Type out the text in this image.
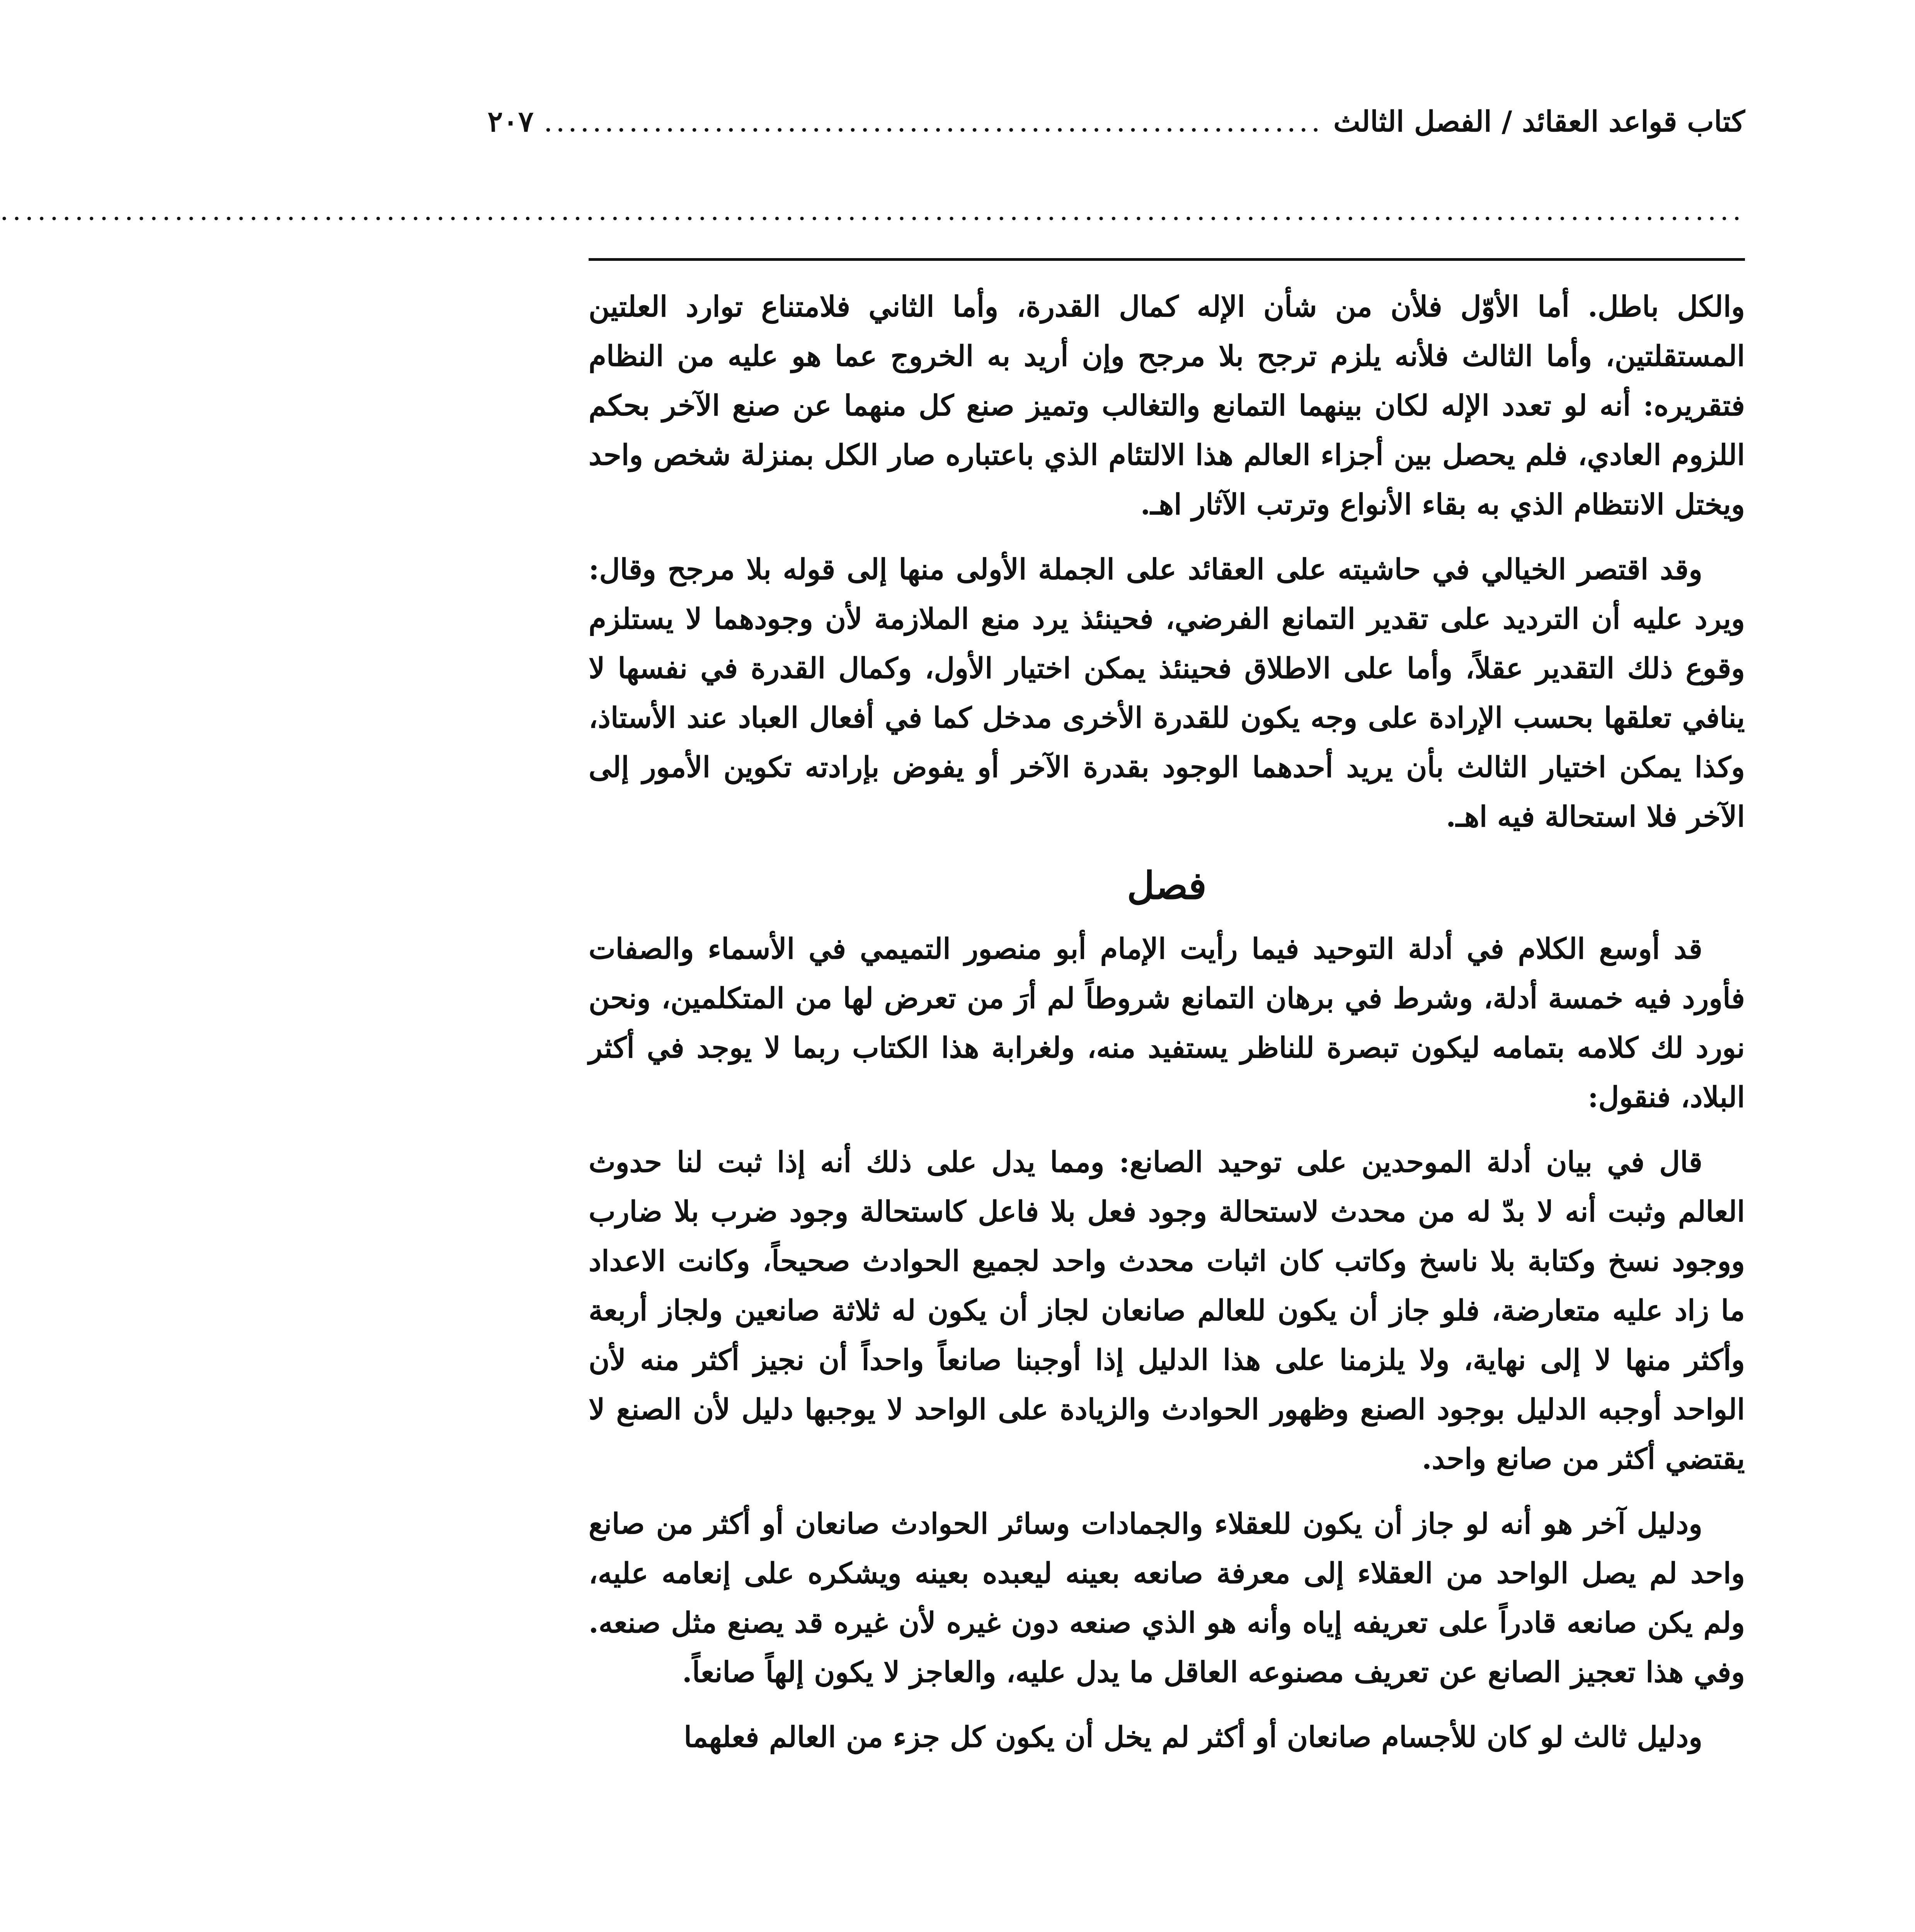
كتاب قواعد العقائد / الفصل الثالث
................................................................
٢٠٧
............................................................................................................................................

والكل باطل. أما الأوّل فلأن من شأن الإله كمال القدرة، وأما الثاني فلامتناع توارد العلتين المستقلتين، وأما الثالث فلأنه يلزم ترجح بلا مرجح وإن أريد به الخروج عما هو عليه من النظام فتقريره: أنه لو تعدد الإله لكان بينهما التمانع والتغالب وتميز صنع كل منهما عن صنع الآخر بحكم اللزوم العادي، فلم يحصل بين أجزاء العالم هذا الالتئام الذي باعتباره صار الكل بمنزلة شخص واحد ويختل الانتظام الذي به بقاء الأنواع وترتب الآثار اهـ.

وقد اقتصر الخيالي في حاشيته على العقائد على الجملة الأولى منها إلى قوله بلا مرجح وقال: ويرد عليه أن الترديد على تقدير التمانع الفرضي، فحينئذ يرد منع الملازمة لأن وجودهما لا يستلزم وقوع ذلك التقدير عقلاً، وأما على الاطلاق فحينئذ يمكن اختيار الأول، وكمال القدرة في نفسها لا ينافي تعلقها بحسب الإرادة على وجه يكون للقدرة الأخرى مدخل كما في أفعال العباد عند الأستاذ، وكذا يمكن اختيار الثالث بأن يريد أحدهما الوجود بقدرة الآخر أو يفوض بإرادته تكوين الأمور إلى الآخر فلا استحالة فيه اهـ.

فصل

قد أوسع الكلام في أدلة التوحيد فيما رأيت الإمام أبو منصور التميمي في الأسماء والصفات فأورد فيه خمسة أدلة، وشرط في برهان التمانع شروطاً لم أرَ من تعرض لها من المتكلمين، ونحن نورد لك كلامه بتمامه ليكون تبصرة للناظر يستفيد منه، ولغرابة هذا الكتاب ربما لا يوجد في أكثر البلاد، فنقول:

قال في بيان أدلة الموحدين على توحيد الصانع: ومما يدل على ذلك أنه إذا ثبت لنا حدوث العالم وثبت أنه لا بدّ له من محدث لاستحالة وجود فعل بلا فاعل كاستحالة وجود ضرب بلا ضارب ووجود نسخ وكتابة بلا ناسخ وكاتب كان اثبات محدث واحد لجميع الحوادث صحيحاً، وكانت الاعداد ما زاد عليه متعارضة، فلو جاز أن يكون للعالم صانعان لجاز أن يكون له ثلاثة صانعين ولجاز أربعة وأكثر منها لا إلى نهاية، ولا يلزمنا على هذا الدليل إذا أوجبنا صانعاً واحداً أن نجيز أكثر منه لأن الواحد أوجبه الدليل بوجود الصنع وظهور الحوادث والزيادة على الواحد لا يوجبها دليل لأن الصنع لا يقتضي أكثر من صانع واحد.

ودليل آخر هو أنه لو جاز أن يكون للعقلاء والجمادات وسائر الحوادث صانعان أو أكثر من صانع واحد لم يصل الواحد من العقلاء إلى معرفة صانعه بعينه ليعبده بعينه ويشكره على إنعامه عليه، ولم يكن صانعه قادراً على تعريفه إياه وأنه هو الذي صنعه دون غيره لأن غيره قد يصنع مثل صنعه. وفي هذا تعجيز الصانع عن تعريف مصنوعه العاقل ما يدل عليه، والعاجز لا يكون إلهاً صانعاً.

ودليل ثالث لو كان للأجسام صانعان أو أكثر لم يخل أن يكون كل جزء من العالم فعلهما
